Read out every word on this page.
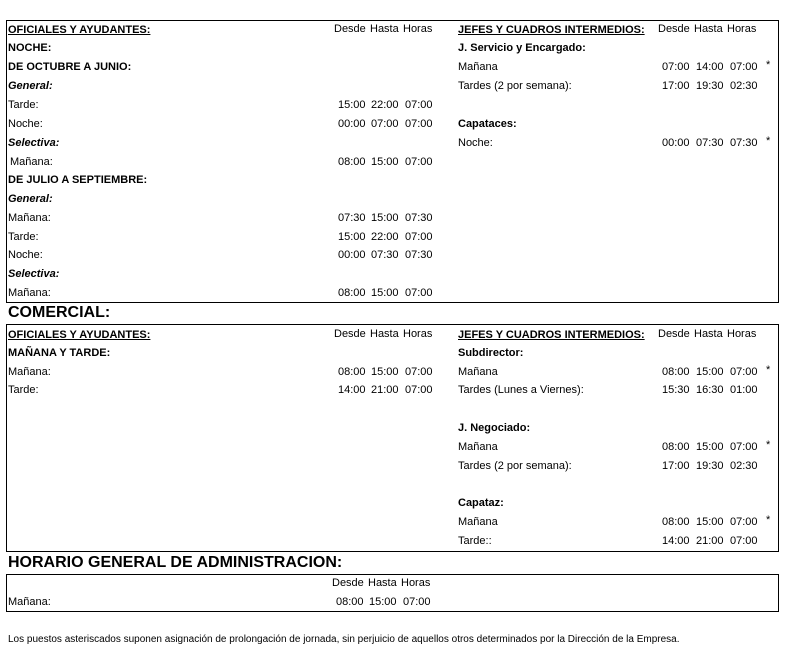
OFICIALES Y AYUDANTES:	Desde Hasta Horas
NOCHE:
DE OCTUBRE A JUNIO:
General:
Tarde:	15:00 22:00 07:00
Noche:	00:00 07:00 07:00
Selectiva:
Mañana:	08:00 15:00 07:00
DE JULIO A SEPTIEMBRE:
General:
Mañana:	07:30 15:00 07:30
Tarde:	15:00 22:00 07:00
Noche:	00:00 07:30 07:30
Selectiva:
Mañana:	08:00 15:00 07:00
JEFES Y CUADROS INTERMEDIOS: Desde Hasta Horas
J. Servicio y Encargado:
Mañana	07:00 14:00 07:00 *
Tardes (2 por semana):	17:00 19:30 02:30
Capataces:
Noche:	00:00 07:30 07:30 *
COMERCIAL:
OFICIALES Y AYUDANTES:	Desde Hasta Horas
MAÑANA Y TARDE:
Mañana:	08:00 15:00 07:00
Tarde:	14:00 21:00 07:00
JEFES Y CUADROS INTERMEDIOS: Desde Hasta Horas
Subdirector:
Mañana	08:00 15:00 07:00 *
Tardes (Lunes a Viernes):	15:30 16:30 01:00
J. Negociado:
Mañana	08:00 15:00 07:00 *
Tardes (2 por semana):	17:00 19:30 02:30
Capataz:
Mañana	08:00 15:00 07:00 *
Tarde::	14:00 21:00 07:00
HORARIO GENERAL DE ADMINISTRACION:
Desde Hasta Horas
Mañana:	08:00 15:00 07:00
Los puestos asteriscados suponen asignación de prolongación de jornada, sin perjuicio de aquellos otros determinados por la Dirección de la Empresa.
